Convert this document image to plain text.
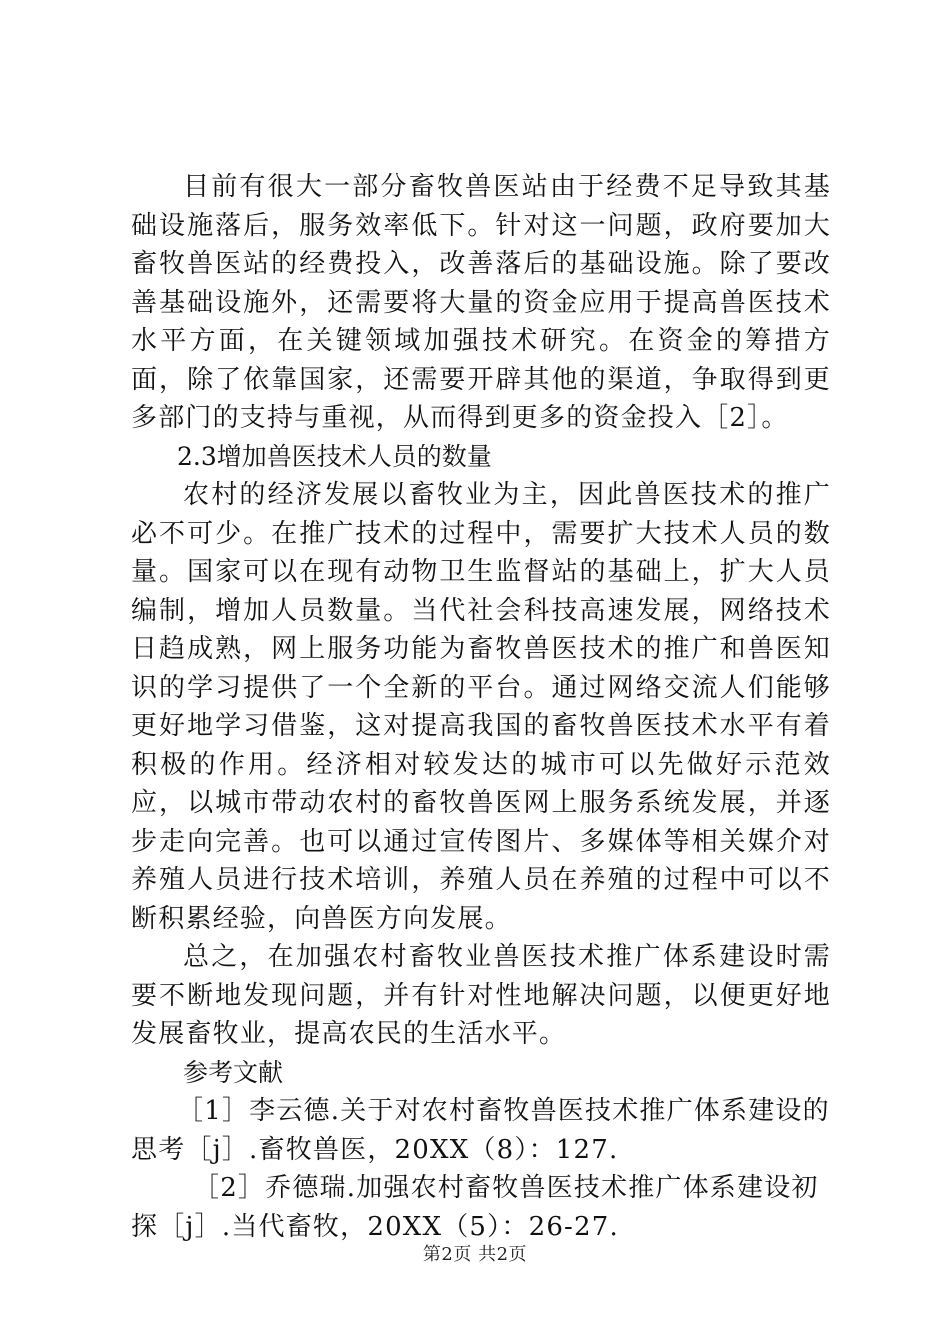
目前有很大一部分畜牧兽医站由于经费不足导致其基础设施落后，服务效率低下。针对这一问题，政府要加大畜牧兽医站的经费投入，改善落后的基础设施。除了要改善基础设施外，还需要将大量的资金应用于提高兽医技术水平方面，在关键领域加强技术研究。在资金的筹措方面，除了依靠国家，还需要开辟其他的渠道，争取得到更多部门的支持与重视，从而得到更多的资金投入［2］。

2.3增加兽医技术人员的数量

农村的经济发展以畜牧业为主，因此兽医技术的推广必不可少。在推广技术的过程中，需要扩大技术人员的数量。国家可以在现有动物卫生监督站的基础上，扩大人员编制，增加人员数量。当代社会科技高速发展，网络技术日趋成熟，网上服务功能为畜牧兽医技术的推广和兽医知识的学习提供了一个全新的平台。通过网络交流人们能够更好地学习借鉴，这对提高我国的畜牧兽医技术水平有着积极的作用。经济相对较发达的城市可以先做好示范效应，以城市带动农村的畜牧兽医网上服务系统发展，并逐步走向完善。也可以通过宣传图片、多媒体等相关媒介对养殖人员进行技术培训，养殖人员在养殖的过程中可以不断积累经验，向兽医方向发展。

总之，在加强农村畜牧业兽医技术推广体系建设时需要不断地发现问题，并有针对性地解决问题，以便更好地发展畜牧业，提高农民的生活水平。

参考文献

［1］李云德.关于对农村畜牧兽医技术推广体系建设的思考［j］.畜牧兽医，20XX（8）：127.

［2］乔德瑞.加强农村畜牧兽医技术推广体系建设初探［j］.当代畜牧，20XX（5）：26-27.

第2页 共2页
